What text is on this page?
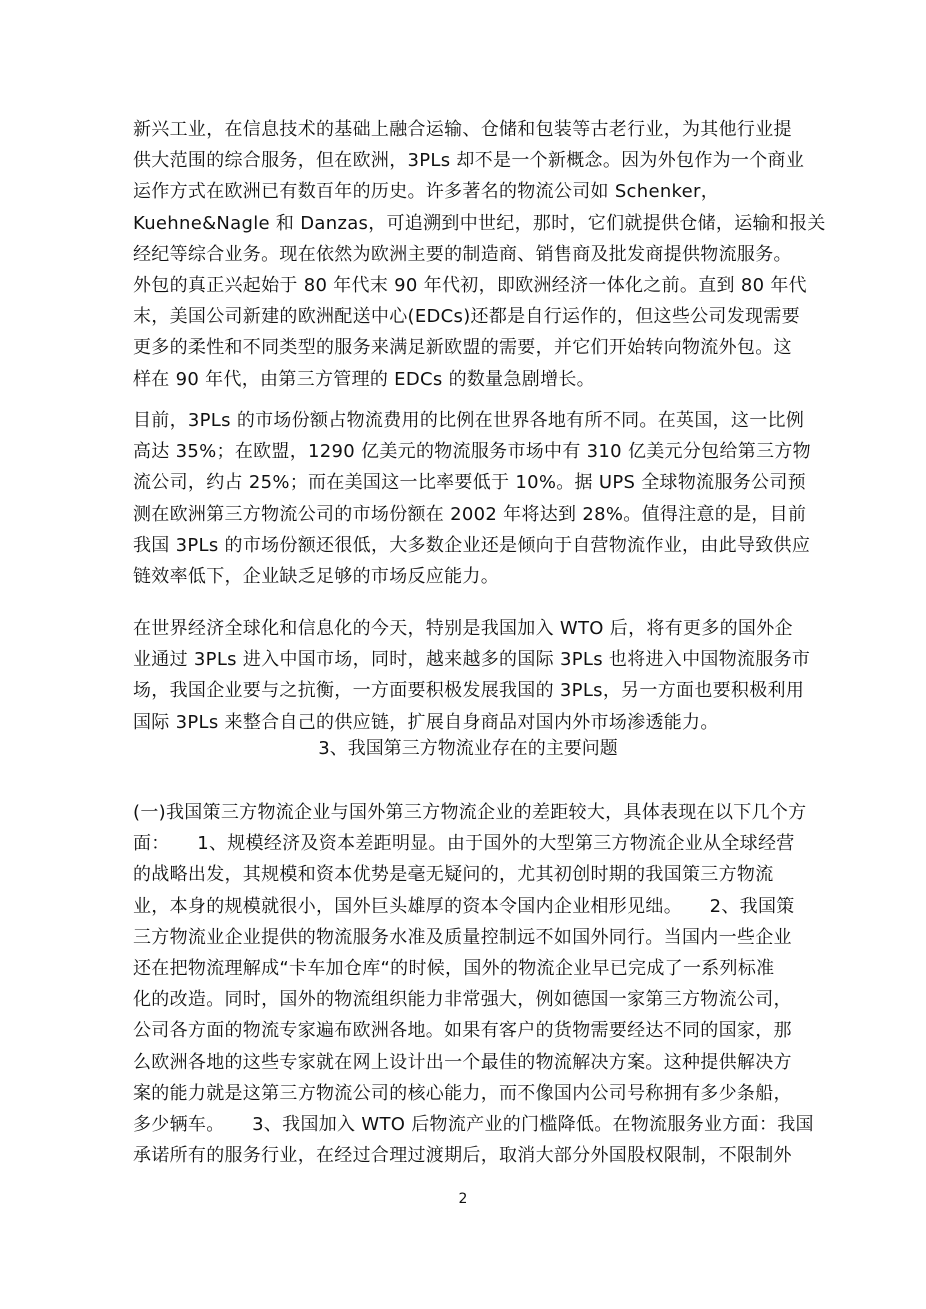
新兴工业，在信息技术的基础上融合运输、仓储和包装等古老行业，为其他行业提
供大范围的综合服务，但在欧洲，3PLs 却不是一个新概念。因为外包作为一个商业
运作方式在欧洲已有数百年的历史。许多著名的物流公司如 Schenker，
Kuehne&Nagle 和 Danzas，可追溯到中世纪，那时，它们就提供仓储，运输和报关
经纪等综合业务。现在依然为欧洲主要的制造商、销售商及批发商提供物流服务。
外包的真正兴起始于 80 年代末 90 年代初，即欧洲经济一体化之前。直到 80 年代
末，美国公司新建的欧洲配送中心(EDCs)还都是自行运作的，但这些公司发现需要
更多的柔性和不同类型的服务来满足新欧盟的需要，并它们开始转向物流外包。这
样在 90 年代，由第三方管理的 EDCs 的数量急剧增长。
目前，3PLs 的市场份额占物流费用的比例在世界各地有所不同。在英国，这一比例
高达 35%；在欧盟，1290 亿美元的物流服务市场中有 310 亿美元分包给第三方物
流公司，约占 25%；而在美国这一比率要低于 10%。据 UPS 全球物流服务公司预
测在欧洲第三方物流公司的市场份额在 2002 年将达到 28%。值得注意的是，目前
我国 3PLs 的市场份额还很低，大多数企业还是倾向于自营物流作业，由此导致供应
链效率低下，企业缺乏足够的市场反应能力。
在世界经济全球化和信息化的今天，特别是我国加入 WTO 后，将有更多的国外企
业通过 3PLs 进入中国市场，同时，越来越多的国际 3PLs 也将进入中国物流服务市
场，我国企业要与之抗衡，一方面要积极发展我国的 3PLs，另一方面也要积极利用
国际 3PLs 来整合自己的供应链，扩展自身商品对国内外市场渗透能力。
3、我国第三方物流业存在的主要问题
(一)我国策三方物流企业与国外第三方物流企业的差距较大，具体表现在以下几个方
面：　　1、规模经济及资本差距明显。由于国外的大型第三方物流企业从全球经营
的战略出发，其规模和资本优势是毫无疑问的，尤其初创时期的我国策三方物流
业，本身的规模就很小，国外巨头雄厚的资本令国内企业相形见绌。　　2、我国策
三方物流业企业提供的物流服务水准及质量控制远不如国外同行。当国内一些企业
还在把物流理解成“卡车加仓库“的时候，国外的物流企业早已完成了一系列标准
化的改造。同时，国外的物流组织能力非常强大，例如德国一家第三方物流公司，
公司各方面的物流专家遍布欧洲各地。如果有客户的货物需要经达不同的国家，那
么欧洲各地的这些专家就在网上设计出一个最佳的物流解决方案。这种提供解决方
案的能力就是这第三方物流公司的核心能力，而不像国内公司号称拥有多少条船，
多少辆车。　　3、我国加入 WTO 后物流产业的门槛降低。在物流服务业方面：我国
承诺所有的服务行业，在经过合理过渡期后，取消大部分外国股权限制，不限制外
2
